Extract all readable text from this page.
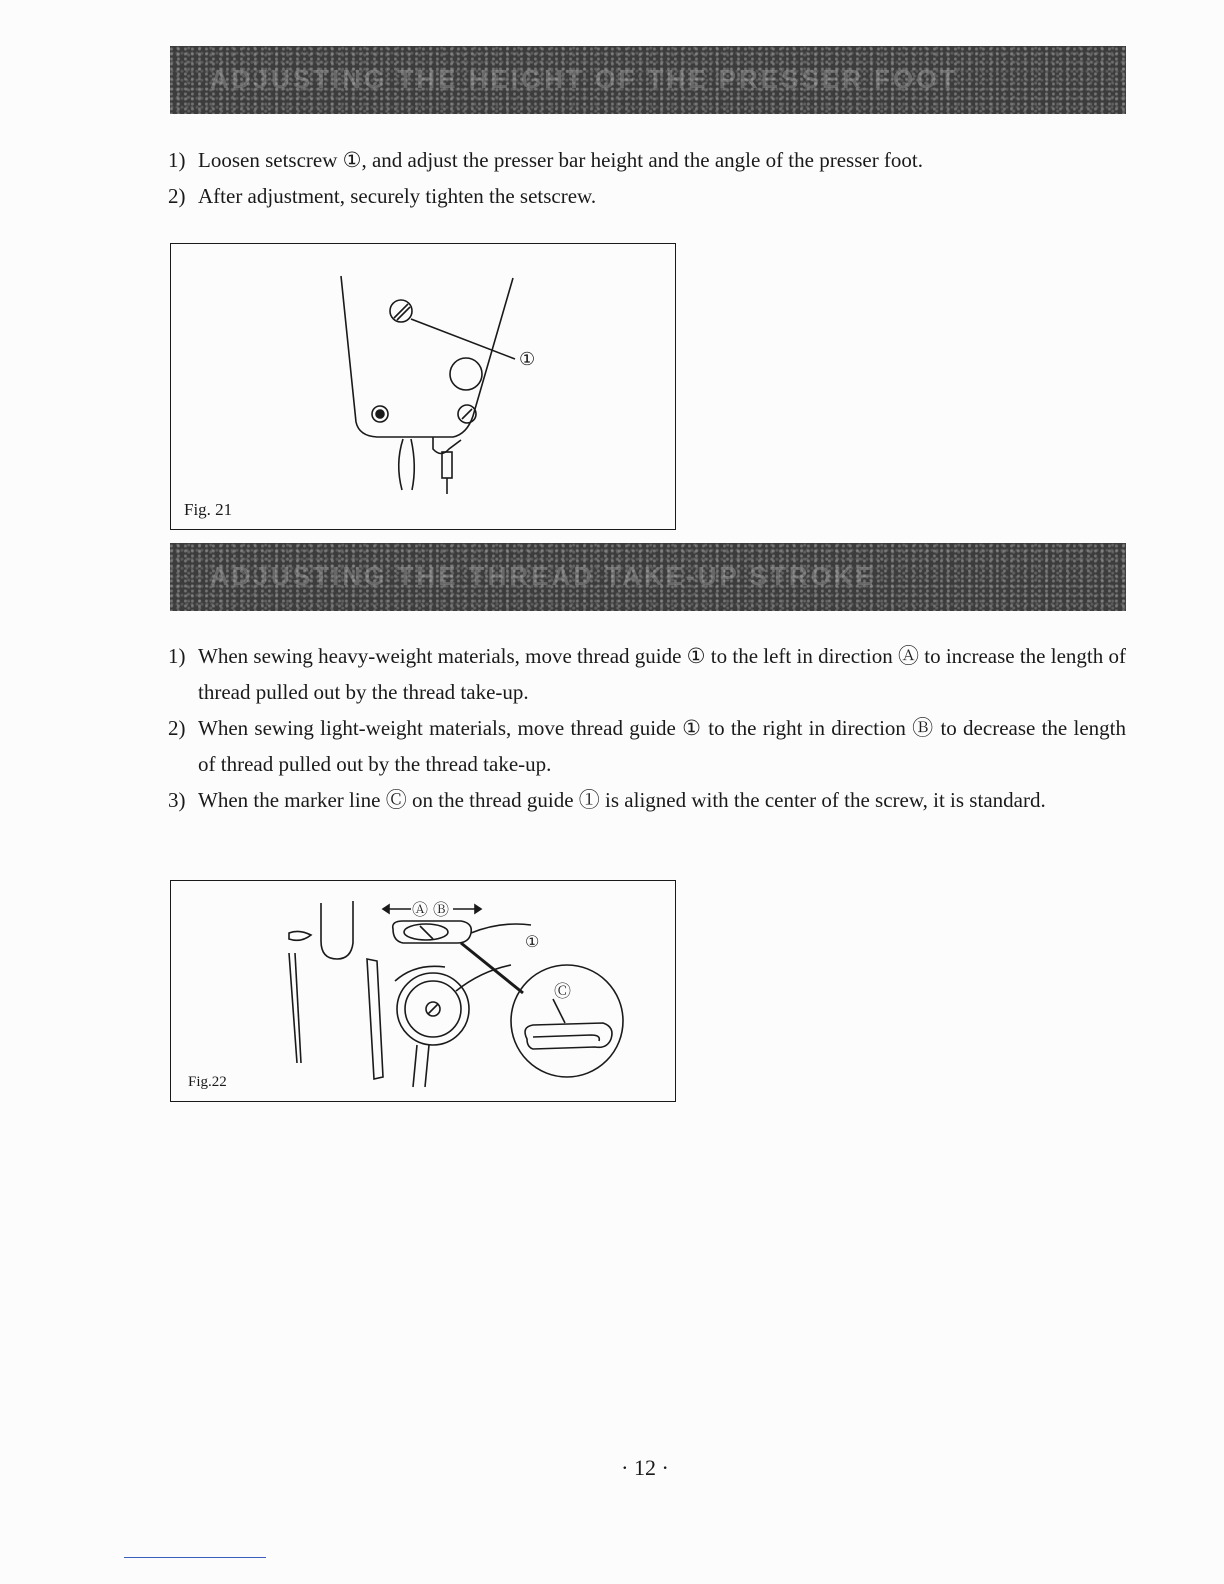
ADJUSTING THE HEIGHT OF THE PRESSER FOOT
1) Loosen setscrew ①, and adjust the presser bar height and the angle of the presser foot.
2) After adjustment, securely tighten the setscrew.
①
Fig. 21
ADJUSTING THE THREAD TAKE-UP STROKE
1) When sewing heavy-weight materials, move thread guide ① to the left in direction Ⓐ to increase the length of thread pulled out by the thread take-up.
2) When sewing light-weight materials, move thread guide ① to the right in direction Ⓑ to decrease the length of thread pulled out by the thread take-up.
3) When the marker line Ⓒ on the thread guide ① is aligned with the center of the screw, it is standard.
Ⓐ Ⓑ
①
Ⓒ
Fig.22
· 12 ·
